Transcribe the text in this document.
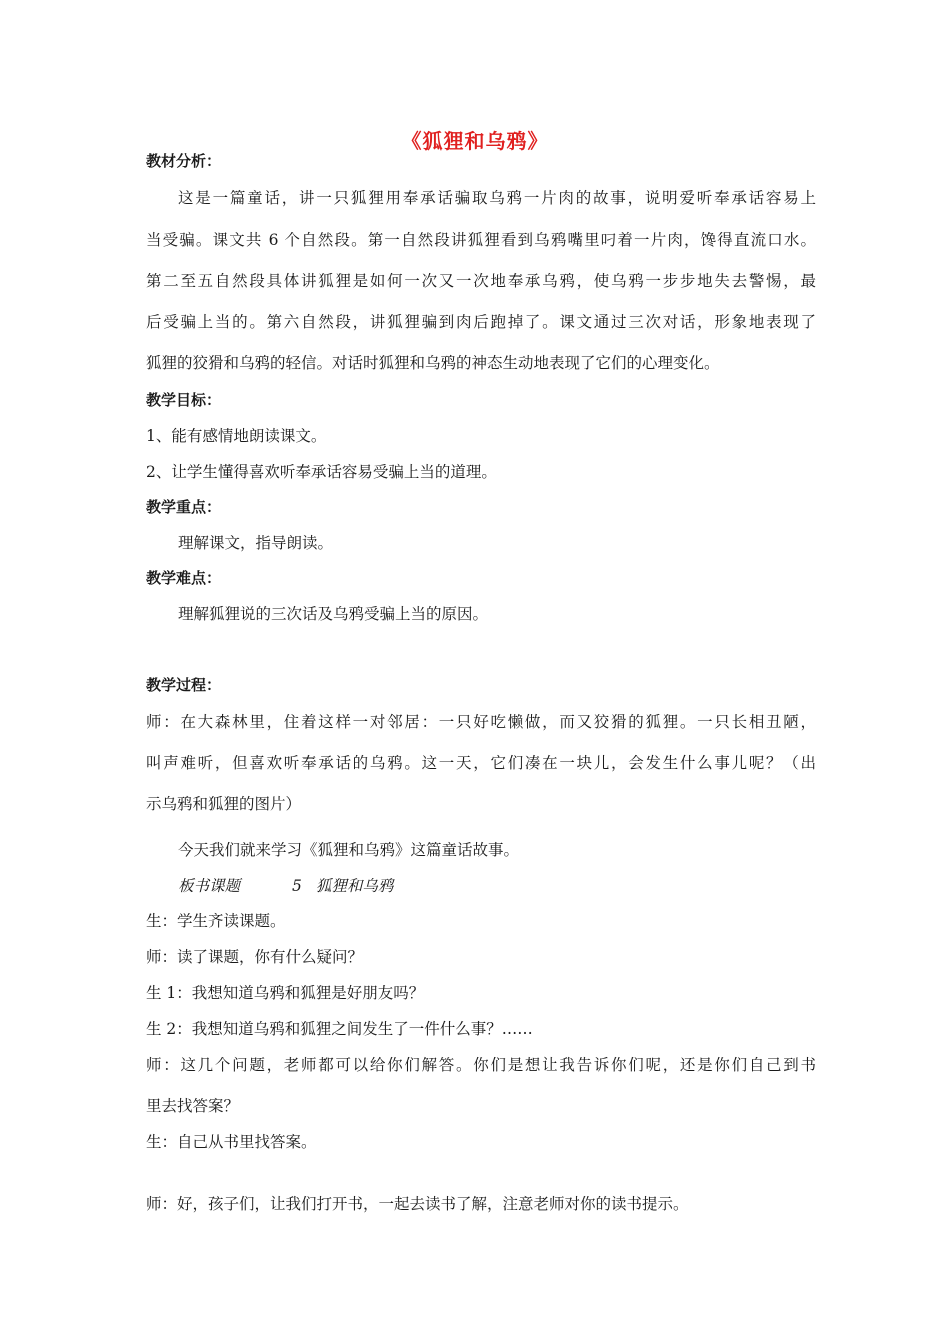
《狐狸和乌鸦》
教材分析：
这是一篇童话，讲一只狐狸用奉承话骗取乌鸦一片肉的故事，说明爱听奉承话容易上
当受骗。课文共 6 个自然段。第一自然段讲狐狸看到乌鸦嘴里叼着一片肉，馋得直流口水。
第二至五自然段具体讲狐狸是如何一次又一次地奉承乌鸦，使乌鸦一步步地失去警惕，最
后受骗上当的。第六自然段，讲狐狸骗到肉后跑掉了。课文通过三次对话，形象地表现了
狐狸的狡猾和乌鸦的轻信。对话时狐狸和乌鸦的神态生动地表现了它们的心理变化。
教学目标：
1、能有感情地朗读课文。
2、让学生懂得喜欢听奉承话容易受骗上当的道理。
教学重点：
理解课文，指导朗读。
教学难点：
理解狐狸说的三次话及乌鸦受骗上当的原因。
教学过程：
师：在大森林里，住着这样一对邻居：一只好吃懒做，而又狡猾的狐狸。一只长相丑陋，
叫声难听，但喜欢听奉承话的乌鸦。这一天，它们凑在一块儿，会发生什么事儿呢？（出
示乌鸦和狐狸的图片）
今天我们就来学习《狐狸和乌鸦》这篇童话故事。
板书课题	5 狐狸和乌鸦
生：学生齐读课题。
师：读了课题，你有什么疑问？
生 1：我想知道乌鸦和狐狸是好朋友吗？
生 2：我想知道乌鸦和狐狸之间发生了一件什么事？……
师：这几个问题，老师都可以给你们解答。你们是想让我告诉你们呢，还是你们自己到书
里去找答案？
生：自己从书里找答案。
师：好，孩子们，让我们打开书，一起去读书了解，注意老师对你的读书提示。
